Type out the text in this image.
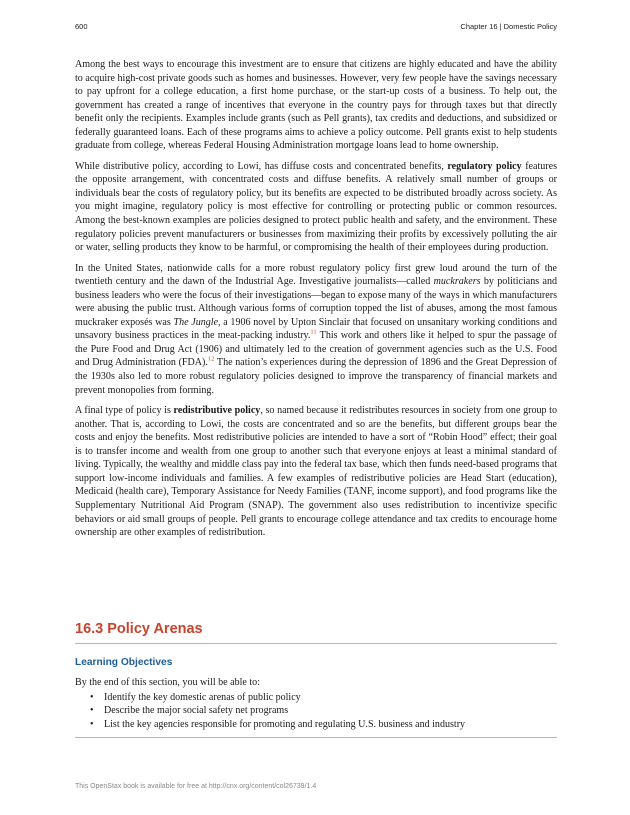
600	Chapter 16 | Domestic Policy

Among the best ways to encourage this investment are to ensure that citizens are highly educated and have the ability to acquire high-cost private goods such as homes and businesses. However, very few people have the savings necessary to pay upfront for a college education, a first home purchase, or the start-up costs of a business. To help out, the government has created a range of incentives that everyone in the country pays for through taxes but that directly benefit only the recipients. Examples include grants (such as Pell grants), tax credits and deductions, and subsidized or federally guaranteed loans. Each of these programs aims to achieve a policy outcome. Pell grants exist to help students graduate from college, whereas Federal Housing Administration mortgage loans lead to home ownership.

While distributive policy, according to Lowi, has diffuse costs and concentrated benefits, regulatory policy features the opposite arrangement, with concentrated costs and diffuse benefits. A relatively small number of groups or individuals bear the costs of regulatory policy, but its benefits are expected to be distributed broadly across society. As you might imagine, regulatory policy is most effective for controlling or protecting public or common resources. Among the best-known examples are policies designed to protect public health and safety, and the environment. These regulatory policies prevent manufacturers or businesses from maximizing their profits by excessively polluting the air or water, selling products they know to be harmful, or compromising the health of their employees during production.

In the United States, nationwide calls for a more robust regulatory policy first grew loud around the turn of the twentieth century and the dawn of the Industrial Age. Investigative journalists—called muckrakers by politicians and business leaders who were the focus of their investigations—began to expose many of the ways in which manufacturers were abusing the public trust. Although various forms of corruption topped the list of abuses, among the most famous muckraker exposés was The Jungle, a 1906 novel by Upton Sinclair that focused on unsanitary working conditions and unsavory business practices in the meat-packing industry.$^{11}$ This work and others like it helped to spur the passage of the Pure Food and Drug Act (1906) and ultimately led to the creation of government agencies such as the U.S. Food and Drug Administration (FDA).$^{12}$ The nation’s experiences during the depression of 1896 and the Great Depression of the 1930s also led to more robust regulatory policies designed to improve the transparency of financial markets and prevent monopolies from forming.

A final type of policy is redistributive policy, so named because it redistributes resources in society from one group to another. That is, according to Lowi, the costs are concentrated and so are the benefits, but different groups bear the costs and enjoy the benefits. Most redistributive policies are intended to have a sort of “Robin Hood” effect; their goal is to transfer income and wealth from one group to another such that everyone enjoys at least a minimal standard of living. Typically, the wealthy and middle class pay into the federal tax base, which then funds need-based programs that support low-income individuals and families. A few examples of redistributive policies are Head Start (education), Medicaid (health care), Temporary Assistance for Needy Families (TANF, income support), and food programs like the Supplementary Nutritional Aid Program (SNAP). The government also uses redistribution to incentivize specific behaviors or aid small groups of people. Pell grants to encourage college attendance and tax credits to encourage home ownership are other examples of redistribution.

16.3 Policy Arenas
Learning Objectives

By the end of this section, you will be able to:

• Identify the key domestic arenas of public policy
• Describe the major social safety net programs
• List the key agencies responsible for promoting and regulating U.S. business and industry
This OpenStax book is available for free at http://cnx.org/content/col26739/1.4
